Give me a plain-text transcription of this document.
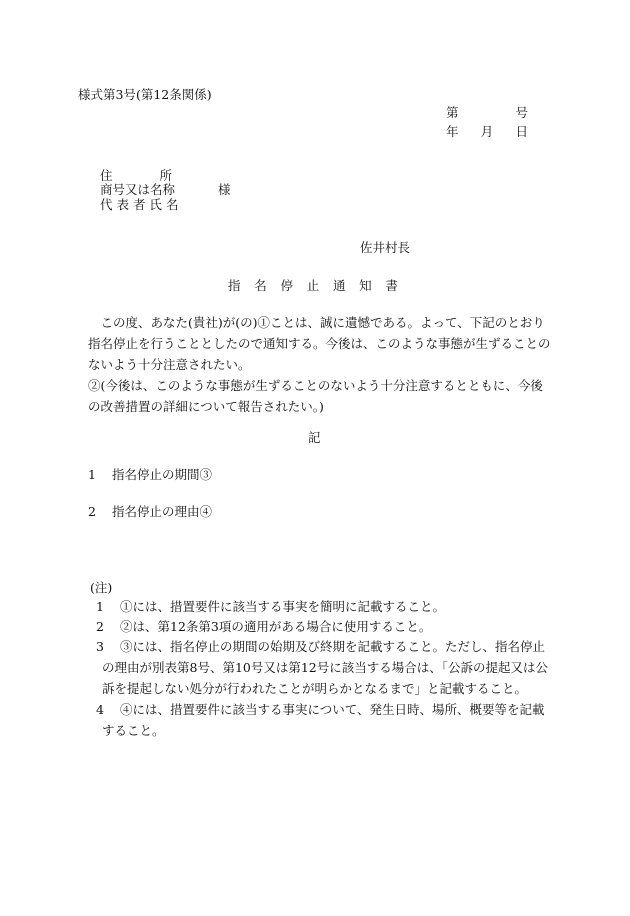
様式第3号(第12条関係)
第	号
年 月 日
住	所
商号又は名称	様
代 表 者 氏 名
佐井村長
指 名 停 止 通 知 書
　この度、あなた(貴社)が(の)①ことは、誠に遺憾である。よって、下記のとおり指名停止を行うこととしたので通知する。今後は、このような事態が生ずることのないよう十分注意されたい。
②(今後は、このような事態が生ずることのないよう十分注意するとともに、今後の改善措置の詳細について報告されたい。)
記
1 指名停止の期間③
2 指名停止の理由④
(注)
1	①には、措置要件に該当する事実を簡明に記載すること。
2	②は、第12条第3項の適用がある場合に使用すること。
3	③には、指名停止の期間の始期及び終期を記載すること。ただし、指名停止の理由が別表第8号、第10号又は第12号に該当する場合は、「公訴の提起又は公訴を提起しない処分が行われたことが明らかとなるまで」と記載すること。
4	④には、措置要件に該当する事実について、発生日時、場所、概要等を記載すること。
